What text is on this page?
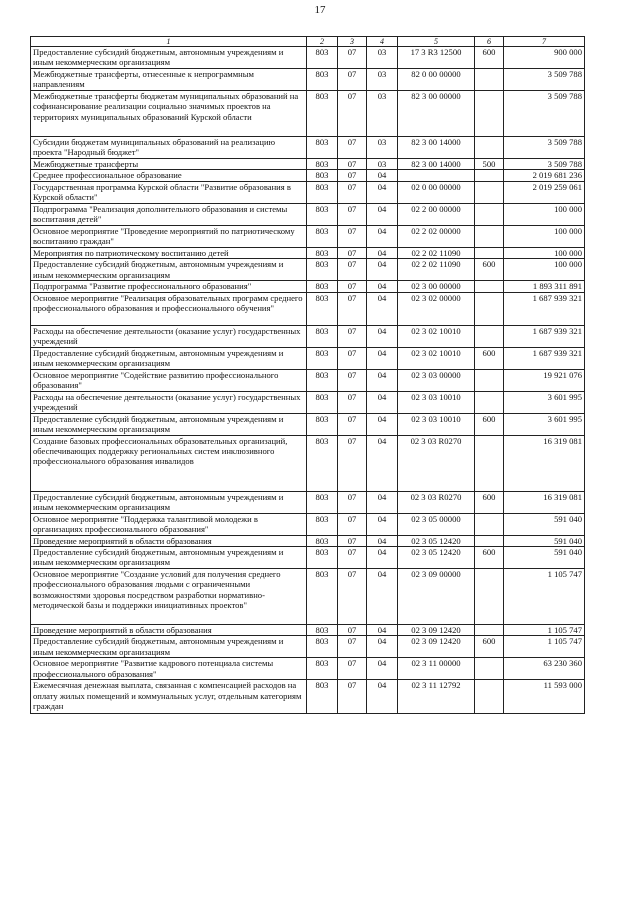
17
1	2	3	4	5	6	7
Предоставление субсидий бюджетным, автономным учреждениям и иным некоммерческим организациям	803	07	03	17 3 R3 12500	600	900 000
Межбюджетные трансферты, отнесенные к непрограммным направлениям	803	07	03	82 0 00 00000		3 509 788
Межбюджетные трансферты бюджетам муниципальных образований на софинансирование реализации социально значимых проектов на территориях муниципальных образований Курской области	803	07	03	82 3 00 00000		3 509 788
Субсидии бюджетам муниципальных образований на реализацию проекта "Народный бюджет"	803	07	03	82 3 00 14000		3 509 788
Межбюджетные трансферты	803	07	03	82 3 00 14000	500	3 509 788
Среднее профессиональное образование	803	07	04			2 019 681 236
Государственная программа Курской области "Развитие образования в Курской области"	803	07	04	02 0 00 00000		2 019 259 061
Подпрограмма "Реализация дополнительного образования и системы воспитания детей"	803	07	04	02 2 00 00000		100 000
Основное мероприятие "Проведение мероприятий по патриотическому воспитанию граждан"	803	07	04	02 2 02 00000		100 000
Мероприятия по патриотическому воспитанию детей	803	07	04	02 2 02 11090		100 000
Предоставление субсидий бюджетным, автономным учреждениям и иным некоммерческим организациям	803	07	04	02 2 02 11090	600	100 000
Подпрограмма "Развитие профессионального образования"	803	07	04	02 3 00 00000		1 893 311 891
Основное мероприятие "Реализация образовательных программ среднего профессионального образования и профессионального обучения"	803	07	04	02 3 02 00000		1 687 939 321
Расходы на обеспечение деятельности (оказание услуг) государственных учреждений	803	07	04	02 3 02 10010		1 687 939 321
Предоставление субсидий бюджетным, автономным учреждениям и иным некоммерческим организациям	803	07	04	02 3 02 10010	600	1 687 939 321
Основное мероприятие "Содействие развитию профессионального образования"	803	07	04	02 3 03 00000		19 921 076
Расходы на обеспечение деятельности (оказание услуг) государственных учреждений	803	07	04	02 3 03 10010		3 601 995
Предоставление субсидий бюджетным, автономным учреждениям и иным некоммерческим организациям	803	07	04	02 3 03 10010	600	3 601 995
Создание базовых профессиональных образовательных организаций, обеспечивающих поддержку региональных систем инклюзивного профессионального образования инвалидов	803	07	04	02 3 03 R0270		16 319 081
Предоставление субсидий бюджетным, автономным учреждениям и иным некоммерческим организациям	803	07	04	02 3 03 R0270	600	16 319 081
Основное мероприятие "Поддержка талантливой молодежи в организациях профессионального образования"	803	07	04	02 3 05 00000		591 040
Проведение мероприятий в области образования	803	07	04	02 3 05 12420		591 040
Предоставление субсидий бюджетным, автономным учреждениям и иным некоммерческим организациям	803	07	04	02 3 05 12420	600	591 040
Основное мероприятие "Создание условий для получения среднего профессионального образования людьми с ограниченными возможностями здоровья посредством разработки нормативно-методической базы и поддержки инициативных проектов"	803	07	04	02 3 09 00000		1 105 747
Проведение мероприятий в области образования	803	07	04	02 3 09 12420		1 105 747
Предоставление субсидий бюджетным, автономным учреждениям и иным некоммерческим организациям	803	07	04	02 3 09 12420	600	1 105 747
Основное мероприятие "Развитие кадрового потенциала системы профессионального образования"	803	07	04	02 3 11 00000		63 230 360
Ежемесячная денежная выплата, связанная с компенсацией расходов на оплату жилых помещений и коммунальных услуг, отдельным категориям граждан	803	07	04	02 3 11 12792		11 593 000
